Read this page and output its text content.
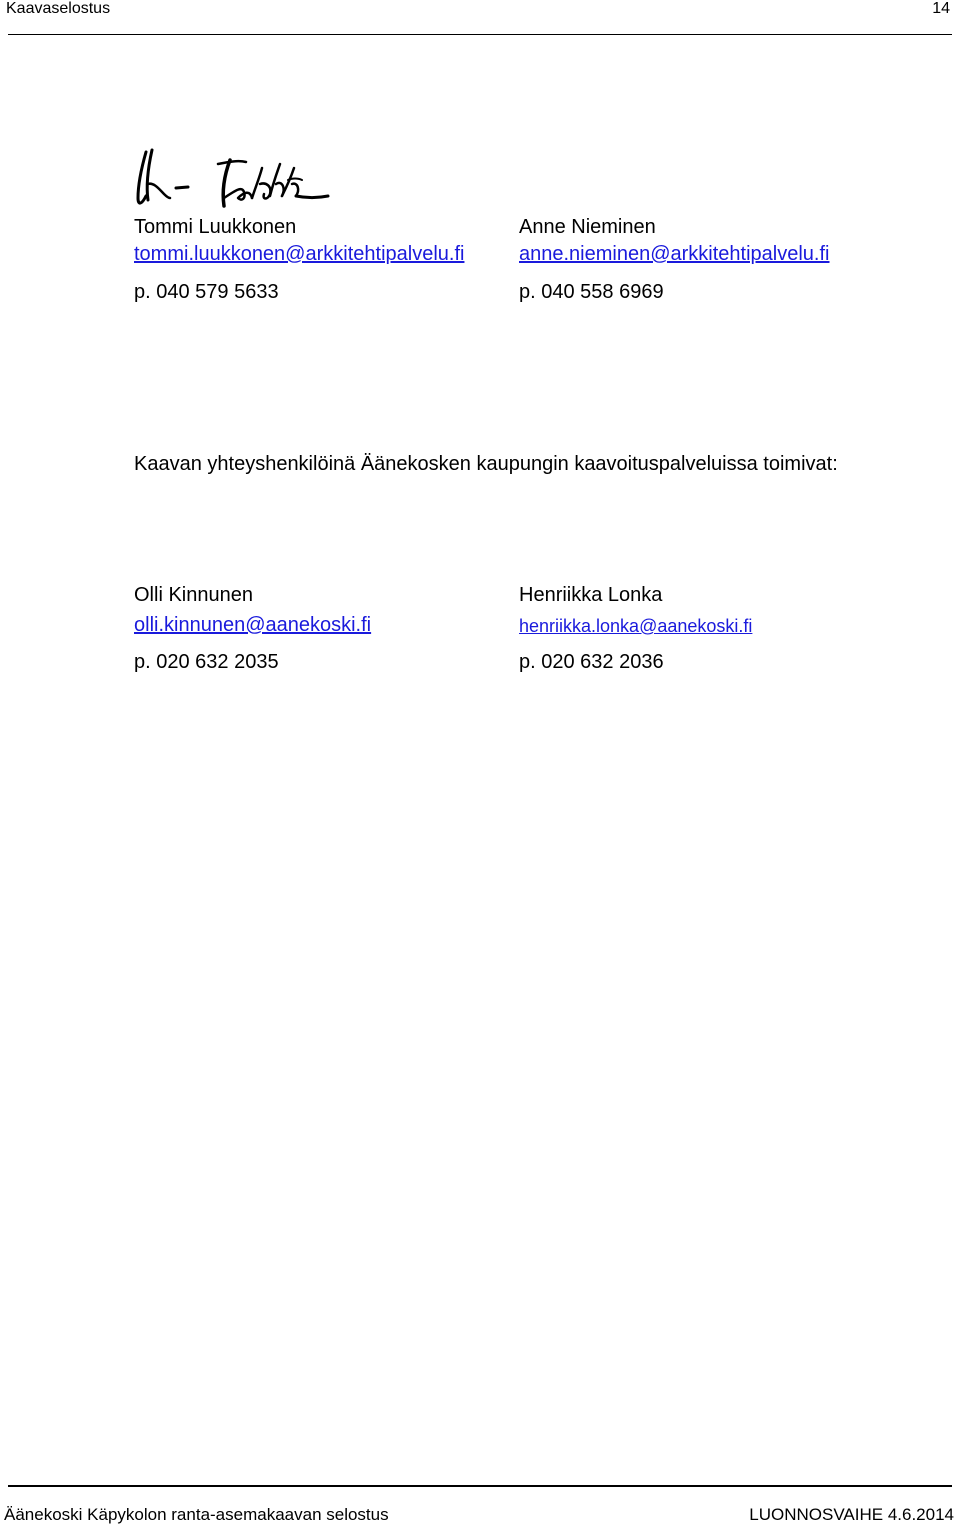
Kaavaselostus	14
Tommi Luukkonen
tommi.luukkonen@arkkitehtipalvelu.fi
p. 040 579 5633
Anne Nieminen
anne.nieminen@arkkitehtipalvelu.fi
p. 040 558 6969
Kaavan yhteyshenkilöinä Äänekosken kaupungin kaavoituspalveluissa toimivat:
Olli Kinnunen
olli.kinnunen@aanekoski.fi
p. 020 632 2035
Henriikka Lonka
henriikka.lonka@aanekoski.fi
p. 020 632 2036
Äänekoski Käpykolon ranta-asemakaavan selostus	LUONNOSVAIHE 4.6.2014
